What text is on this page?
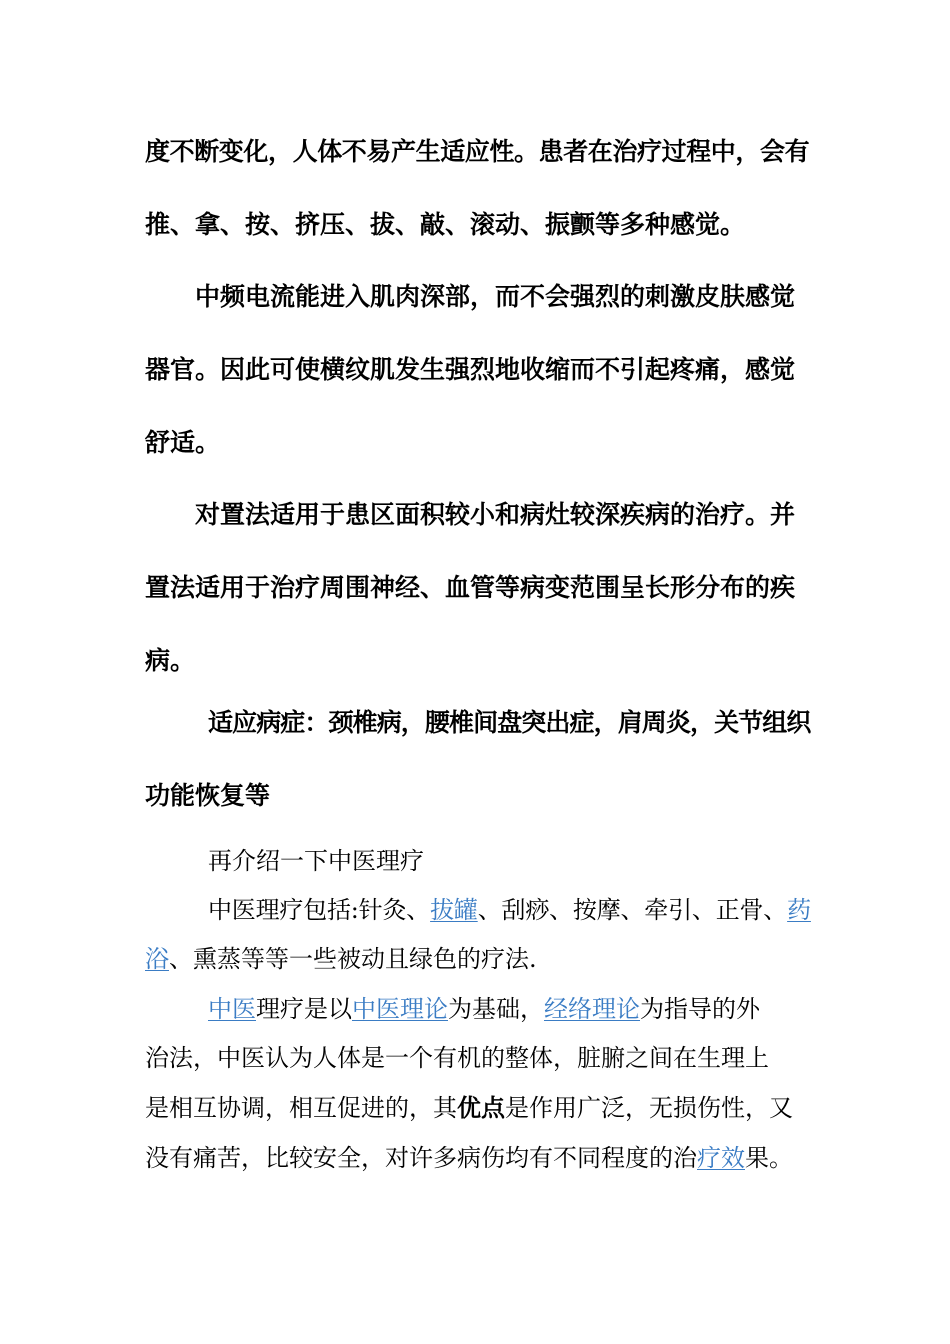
度不断变化，人体不易产生适应性。患者在治疗过程中，会有
推、拿、按、挤压、拔、敲、滚动、振颤等多种感觉。
中频电流能进入肌肉深部，而不会强烈的刺激皮肤感觉
器官。因此可使横纹肌发生强烈地收缩而不引起疼痛，感觉
舒适。
对置法适用于患区面积较小和病灶较深疾病的治疗。并
置法适用于治疗周围神经、血管等病变范围呈长形分布的疾
病。
适应病症：颈椎病，腰椎间盘突出症，肩周炎，关节组织
功能恢复等
再介绍一下中医理疗
中医理疗包括:针灸、拔罐、刮痧、按摩、牵引、正骨、药
浴、熏蒸等等一些被动且绿色的疗法.
中医理疗是以中医理论为基础，经络理论为指导的外
治法，中医认为人体是一个有机的整体，脏腑之间在生理上
是相互协调，相互促进的，其优点是作用广泛，无损伤性，又
没有痛苦，比较安全，对许多病伤均有不同程度的治疗效果。
